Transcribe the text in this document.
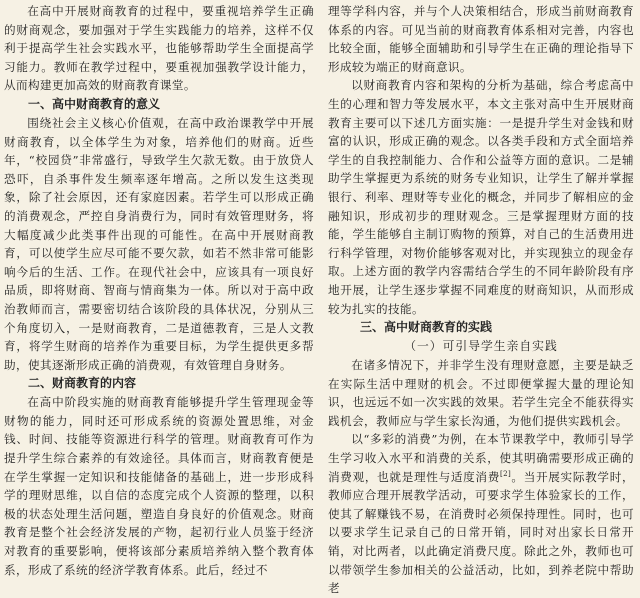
在高中开展财商教育的过程中，要重视培养学生正确的财商观念，要加强对于学生实践能力的培养，这样不仅利于提高学生社会实践水平，也能够帮助学生全面提高学习能力。教师在教学过程中，要重视加强教学设计能力，从而构建更加高效的财商教育课堂。

一、高中财商教育的意义

围绕社会主义核心价值观，在高中政治课教学中开展财商教育，以全体学生为对象，培养他们的财商。近些年，“校园贷”非常盛行，导致学生欠款无数。由于放贷人恐吓，自杀事件发生频率逐年增高。之所以发生这类现象，除了社会原因，还有家庭因素。若学生可以形成正确的消费观念，严控自身消费行为，同时有效管理财务，将大幅度减少此类事件出现的可能性。在高中开展财商教育，可以使学生应尽可能不要欠款，如若不然非常可能影响今后的生活、工作。在现代社会中，应该具有一项良好品质，即将财商、智商与情商集为一体。所以对于高中政治教师而言，需要密切结合该阶段的具体状况，分别从三个角度切入，一是财商教育，二是道德教育，三是人文教育，将学生财商的培养作为重要目标，为学生提供更多帮助，使其逐渐形成正确的消费观，有效管理自身财务。

二、财商教育的内容

在高中阶段实施的财商教育能够提升学生管理现金等财物的能力，同时还可形成系统的资源处置思维，对金钱、时间、技能等资源进行科学的管理。财商教育可作为提升学生综合素养的有效途径。具体而言，财商教育便是在学生掌握一定知识和技能储备的基础上，进一步形成科学的理财思维，以自信的态度完成个人资源的整理，以积极的状态处理生活问题，塑造自身良好的价值观念。财商教育是整个社会经济发展的产物，起初行业人员鉴于经济对教育的重要影响，便将该部分素质培养纳入整个教育体系，形成了系统的经济学教育体系。此后，经过不

理等学科内容，并与个人决策相结合，形成当前财商教育体系的内容。可见当前的财商教育体系相对完善，内容也比较全面，能够全面辅助和引导学生在正确的理论指导下形成较为端正的财商意识。

以财商教育内容和架构的分析为基础，综合考虑高中生的心理和智力等发展水平，本文主张对高中生开展财商教育主要可以下述几方面实施：一是提升学生对金钱和财富的认识，形成正确的观念。以各类手段和方式全面培养学生的自我控制能力、合作和公益等方面的意识。二是辅助学生掌握更为系统的财务专业知识，让学生了解并掌握银行、利率、理财等专业化的概念，并同步了解相应的金融知识，形成初步的理财观念。三是掌握理财方面的技能，学生能够自主制订购物的预算，对自己的生活费用进行科学管理，对物价能够客观对比，并实现独立的现金存取。上述方面的教学内容需结合学生的不同年龄阶段有序地开展，让学生逐步掌握不同难度的财商知识，从而形成较为扎实的技能。

三、高中财商教育的实践
（一）可引导学生亲自实践

在诸多情况下，并非学生没有理财意愿，主要是缺乏在实际生活中理财的机会。不过即便掌握大量的理论知识，也远远不如一次实践的效果。若学生完全不能获得实践机会，教师应与学生家长沟通，为他们提供实践机会。

以“多彩的消费”为例，在本节课教学中，教师引导学生学习收入水平和消费的关系，使其明确需要形成正确的消费观，也就是理性与适度消费[2]。当开展实际教学时，教师应合理开展教学活动，可要求学生体验家长的工作，使其了解赚钱不易，在消费时必须保持理性。同时，也可以要求学生记录自己的日常开销，同时对出家长日常开销，对比两者，以此确定消费尺度。除此之外，教师也可以带领学生参加相关的公益活动，比如，到养老院中帮助老
